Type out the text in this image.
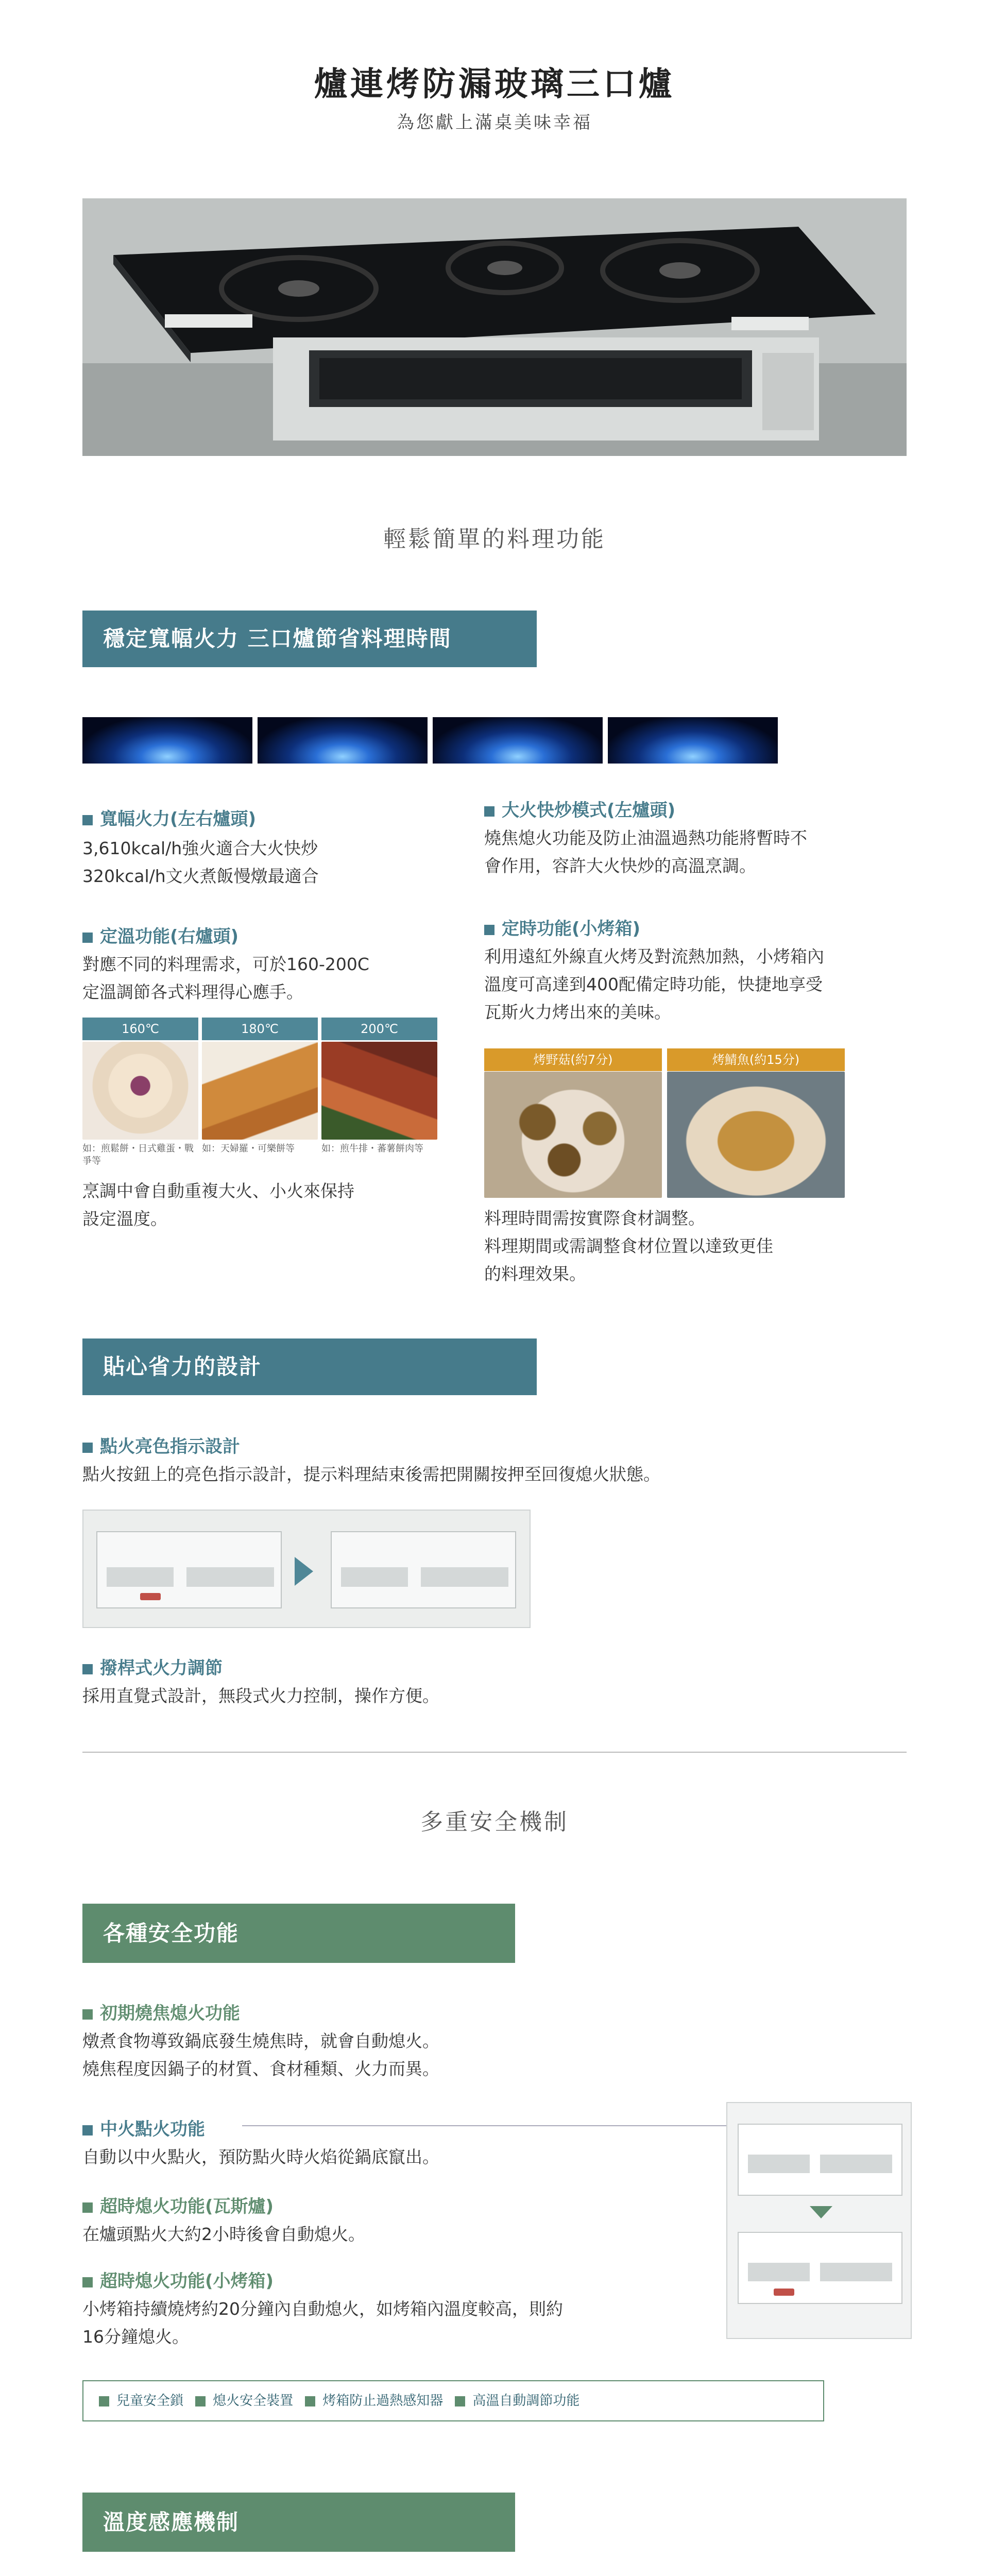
爐連烤防漏玻璃三口爐
為您獻上滿桌美味幸福
輕鬆簡單的料理功能
穩定寬幅火力 三口爐節省料理時間
寬幅火力(左右爐頭)
3,610kcal/h強火適合大火快炒
320kcal/h文火煮飯慢燉最適合
大火快炒模式(左爐頭)
燒焦熄火功能及防止油溫過熱功能將暫時不
會作用，容許大火快炒的高溫烹調。
定溫功能(右爐頭)
對應不同的料理需求，可於160-200C
定溫調節各式料理得心應手。
定時功能(小烤箱)
利用遠紅外線直火烤及對流熱加熱，小烤箱內
溫度可高達到400配備定時功能，快捷地享受
瓦斯火力烤出來的美味。
160℃	180℃	200℃
如：煎鬆餅・日式雞蛋・戰爭等
如：天婦羅・可樂餅等	如：煎牛排・蕃薯餅肉等
烹調中會自動重複大火、小火來保持
設定溫度。
烤野菇(約7分)	烤鯖魚(約15分)
料理時間需按實際食材調整。
料理期間或需調整食材位置以達致更佳
的料理效果。
貼心省力的設計
點火亮色指示設計
點火按鈕上的亮色指示設計，提示料理結束後需把開關按押至回復熄火狀態。
撥桿式火力調節
採用直覺式設計，無段式火力控制，操作方便。
多重安全機制
各種安全功能
初期燒焦熄火功能
燉煮食物導致鍋底發生燒焦時，就會自動熄火。
燒焦程度因鍋子的材質、食材種類、火力而異。
中火點火功能
自動以中火點火，預防點火時火焰從鍋底竄出。
超時熄火功能(瓦斯爐)
在爐頭點火大約2小時後會自動熄火。
超時熄火功能(小烤箱)
小烤箱持續燒烤約20分鐘內自動熄火，如烤箱內溫度較高，則約
16分鐘熄火。
兒童安全鎖 熄火安全裝置 烤箱防止過熱感知器 高溫自動調節功能
溫度感應機制
